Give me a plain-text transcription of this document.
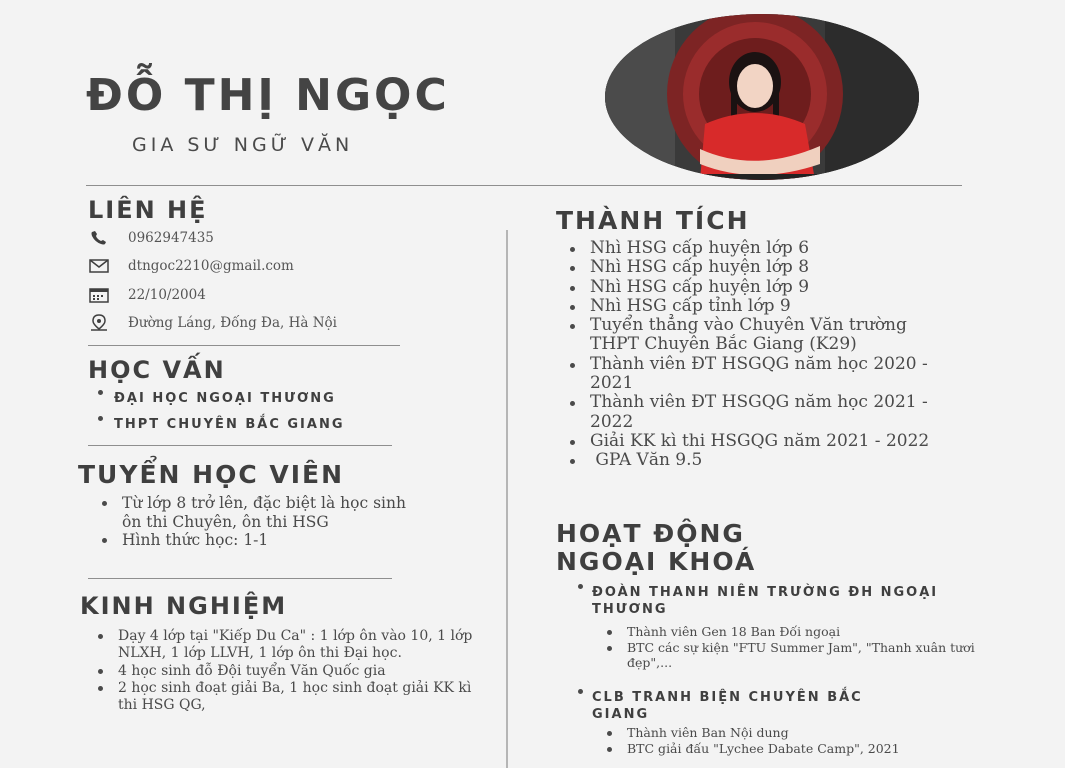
ĐỖ THỊ NGỌC
GIA SƯ NGỮ VĂN
LIÊN HỆ
0962947435
dtngoc2210@gmail.com
22/10/2004
Đường Láng, Đống Đa, Hà Nội
HỌC VẤN
ĐẠI HỌC NGOẠI THƯƠNG
THPT CHUYÊN BẮC GIANG
TUYỂN HỌC VIÊN
Từ lớp 8 trở lên, đặc biệt là học sinh ôn thi Chuyên, ôn thi HSG
Hình thức học: 1-1
KINH NGHIỆM
Dạy 4 lớp tại "Kiếp Du Ca" : 1 lớp ôn vào 10, 1 lớp NLXH, 1 lớp LLVH, 1 lớp ôn thi Đại học.
4 học sinh đỗ Đội tuyển Văn Quốc gia
2 học sinh đoạt giải Ba, 1 học sinh đoạt giải KK kì thi HSG QG,
THÀNH TÍCH
Nhì HSG cấp huyện lớp 6
Nhì HSG cấp huyện lớp 8
Nhì HSG cấp huyện lớp 9
Nhì HSG cấp tỉnh lớp 9
Tuyển thẳng vào Chuyên Văn trường THPT Chuyên Bắc Giang (K29)
Thành viên ĐT HSGQG năm học 2020 - 2021
Thành viên ĐT HSGQG năm học 2021 - 2022
Giải KK kì thi HSGQG năm 2021 - 2022
GPA Văn 9.5
HOẠT ĐỘNG
NGOẠI KHOÁ
ĐOÀN THANH NIÊN TRƯỜNG ĐH NGOẠI THƯƠNG
Thành viên Gen 18 Ban Đối ngoại
BTC các sự kiện "FTU Summer Jam", "Thanh xuân tươi đẹp",...
CLB TRANH BIỆN CHUYÊN BẮC GIANG
Thành viên Ban Nội dung
BTC giải đấu "Lychee Dabate Camp", 2021
